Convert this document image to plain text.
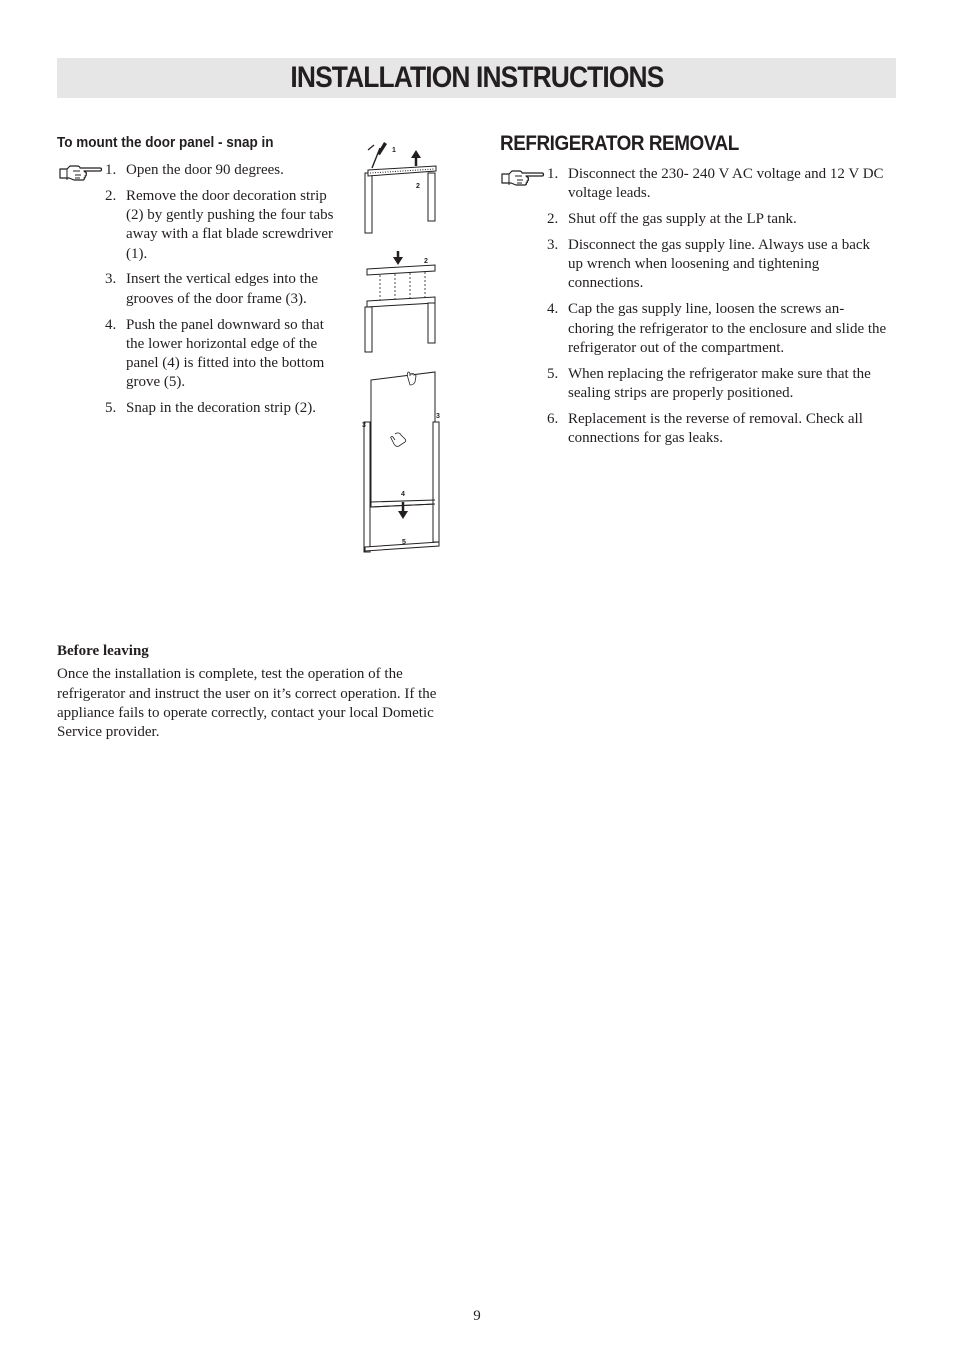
INSTALLATION INSTRUCTIONS
To mount the door panel - snap in
1. Open the door 90 degrees.
2. Remove the door decoration strip (2) by gently pushing the four tabs away with a flat blade screwdriver (1).
3. Insert the vertical edges into the grooves of the door frame (3).
4. Push the panel downward so that the lower horizontal edge of the panel (4) is fitted into the bottom grove (5).
5. Snap in the decoration strip (2).
1
2
2
3
3
4
5
Before leaving

Once the installation is complete, test the operation of the refrigerator and instruct the user on it’s correct operation. If the appliance fails to operate correctly, contact your local Dometic Service provider.

REFRIGERATOR REMOVAL
1. Disconnect the 230- 240 V AC voltage and 12 V DC voltage leads.
2. Shut off the gas supply at the LP tank.
3. Disconnect the gas supply line. Always use a back up wrench when loosening and tightening connections.
4. Cap the gas supply line, loosen the screws an-choring the refrigerator to the enclosure and slide the refrigerator out of the compartment.
5. When replacing the refrigerator make sure that the sealing strips are properly positioned.
6. Replacement is the reverse of removal. Check all connections for gas leaks.
9
